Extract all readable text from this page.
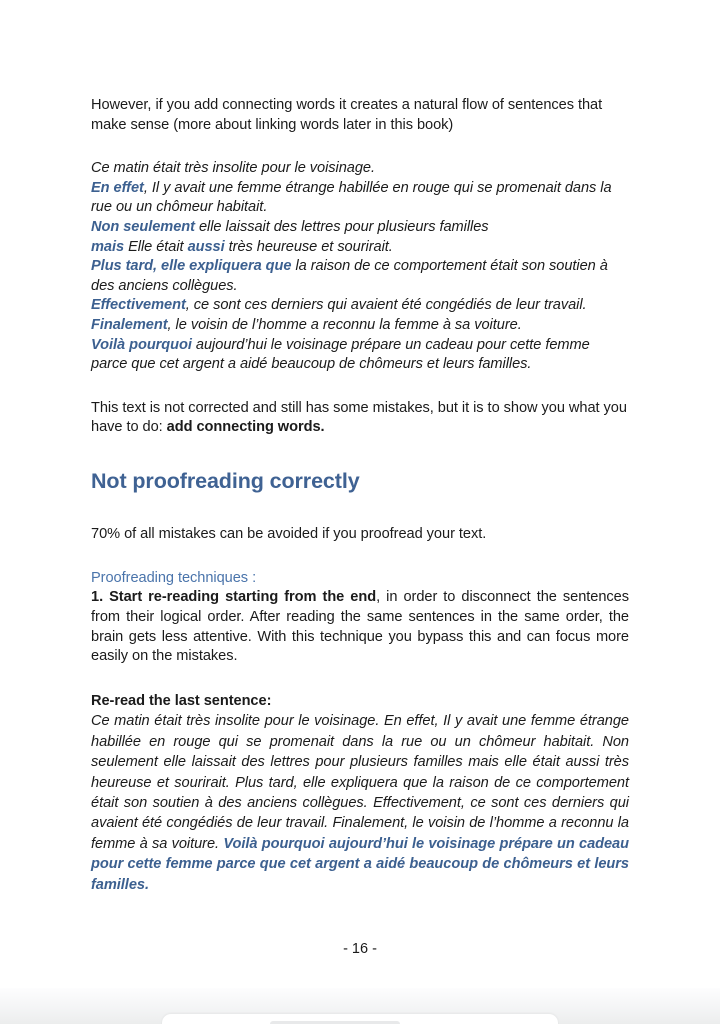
However, if you add connecting words it creates a natural flow of sentences that make sense (more about linking words later in this book)

Ce matin était très insolite pour le voisinage.

En effet, Il y avait une femme étrange habillée en rouge qui se promenait dans la rue ou un chômeur habitait.

Non seulement elle laissait des lettres pour plusieurs familles

mais Elle était aussi très heureuse et sourirait.

Plus tard, elle expliquera que la raison de ce comportement était son soutien à des anciens collègues.

Effectivement, ce sont ces derniers qui avaient été congédiés de leur travail.

Finalement, le voisin de l’homme a reconnu la femme à sa voiture.

Voilà pourquoi aujourd’hui le voisinage prépare un cadeau pour cette femme parce que cet argent a aidé beaucoup de chômeurs et leurs familles.

This text is not corrected and still has some mistakes, but it is to show you what you have to do: add connecting words.

Not proofreading correctly

70% of all mistakes can be avoided if you proofread your text.

Proofreading techniques :

1. Start re-reading starting from the end, in order to disconnect the sentences from their logical order. After reading the same sentences in the same order, the brain gets less attentive. With this technique you bypass this and can focus more easily on the mistakes.

Re-read the last sentence:

Ce matin était très insolite pour le voisinage. En effet, Il y avait une femme étrange habillée en rouge qui se promenait dans la rue ou un chômeur habitait. Non seulement elle laissait des lettres pour plusieurs familles mais elle était aussi très heureuse et sourirait. Plus tard, elle expliquera que la raison de ce comportement était son soutien à des anciens collègues. Effectivement, ce sont ces derniers qui avaient été congédiés de leur travail. Finalement, le voisin de l’homme a reconnu la femme à sa voiture. Voilà pourquoi aujourd’hui le voisinage prépare un cadeau pour cette femme parce que cet argent a aidé beaucoup de chômeurs et leurs familles.

- 16 -
